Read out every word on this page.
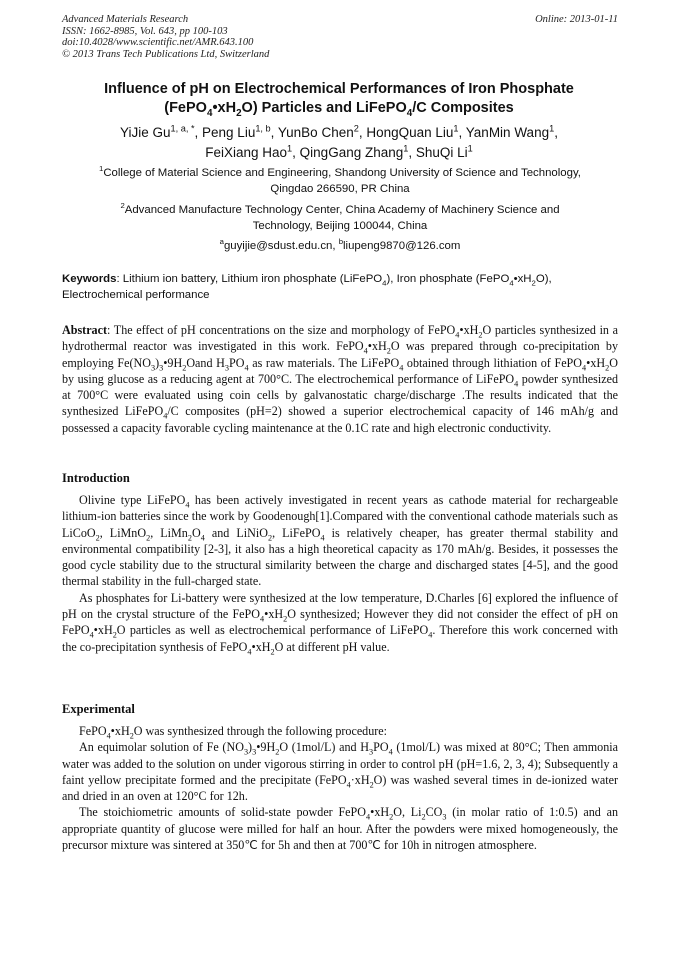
Advanced Materials Research
ISSN: 1662-8985, Vol. 643, pp 100-103
doi:10.4028/www.scientific.net/AMR.643.100
© 2013 Trans Tech Publications Ltd, Switzerland
Online: 2013-01-11
Influence of pH on Electrochemical Performances of Iron Phosphate
$(FePO_4•xH_2O)$ Particles and LiFePO$_4$/C Composites
YiJie $Gu^{1, a, *}$, Peng Liu$^{1, b}$, YunBo Chen$^2$, HongQuan Liu$^1$, YanMin Wang$^1$,
FeiXiang Hao$^1$, QingGang Zhang$^1$, ShuQi Li$^1$
$^1$College of Material Science and Engineering, Shandong University of Science and Technology,
Qingdao 266590, PR China
$^2$Advanced Manufacture Technology Center, China Academy of Machinery Science and
Technology, Beijing 100044, China
$^a$guyijie@sdust.edu.cn, $^b$liupeng9870@126.com
Keywords: Lithium ion battery, Lithium iron phosphate (LiFePO$_4$), Iron phosphate $(FePO_4•xH_2O)$, Electrochemical performance

Abstract: The effect of pH concentrations on the size and morphology of $FePO_4•xH_2O$ particles synthesized in a hydrothermal reactor was investigated in this work. $FePO_4•xH_2O$ was prepared through co-precipitation by employing $Fe(NO_3)_3•9H_2Oand$ $H_3PO_4$ as raw materials. The LiFePO$_4$ obtained through lithiation of $FePO_4•xH_2O$ by using glucose as a reducing agent at 700°C. The electrochemical performance of LiFePO$_4$ powder synthesized at 700°C were evaluated using coin cells by galvanostatic charge/discharge .The results indicated that the synthesized LiFePO$_4$/C composites (pH=2) showed a superior electrochemical capacity of 146 mAh/g and possessed a capacity favorable cycling maintenance at the 0.1C rate and high electronic conductivity.

Introduction

Olivine type LiFePO$_4$ has been actively investigated in recent years as cathode material for rechargeable lithium-ion batteries since the work by Goodenough[1].Compared with the conventional cathode materials such as LiCoO$_2$, LiMnO$_2$, $LiMn_2O_4$ and LiNiO$_2$, LiFePO$_4$ is relatively cheaper, has greater thermal stability and environmental compatibility [2-3], it also has a high theoretical capacity as 170 mAh/g. Besides, it possesses the good cycle stability due to the structural similarity between the charge and discharged states [4-5], and the good thermal stability in the full-charged state.

As phosphates for Li-battery were synthesized at the low temperature, D.Charles [6] explored the influence of pH on the crystal structure of the $FePO_4•xH_2O$ synthesized; However they did not consider the effect of pH on $FePO_4•xH_2O$ particles as well as electrochemical performance of LiFePO$_4$. Therefore this work concerned with the co-precipitation synthesis of $FePO_4•xH_2O$ at different pH value.

Experimental

$FePO_4•xH_2O$ was synthesized through the following procedure:

An equimolar solution of Fe $(NO_3)_3•9H_2O$ (1mol/L) and $H_3PO_4$ (1mol/L) was mixed at 80°C; Then ammonia water was added to the solution on under vigorous stirring in order to control pH (pH=1.6, 2, 3, 4); Subsequently a faint yellow precipitate formed and the precipitate $(FePO_4\cdot xH_2O)$ was washed several times in de-ionized water and dried in an oven at 120°C for 12h.

The stoichiometric amounts of solid-state powder $FePO_4•xH_2O$, $Li_2CO_3$ (in molar ratio of 1:0.5) and an appropriate quantity of glucose were milled for half an hour. After the powders were mixed homogeneously, the precursor mixture was sintered at 350℃ for 5h and then at 700℃ for 10h in nitrogen atmosphere.
